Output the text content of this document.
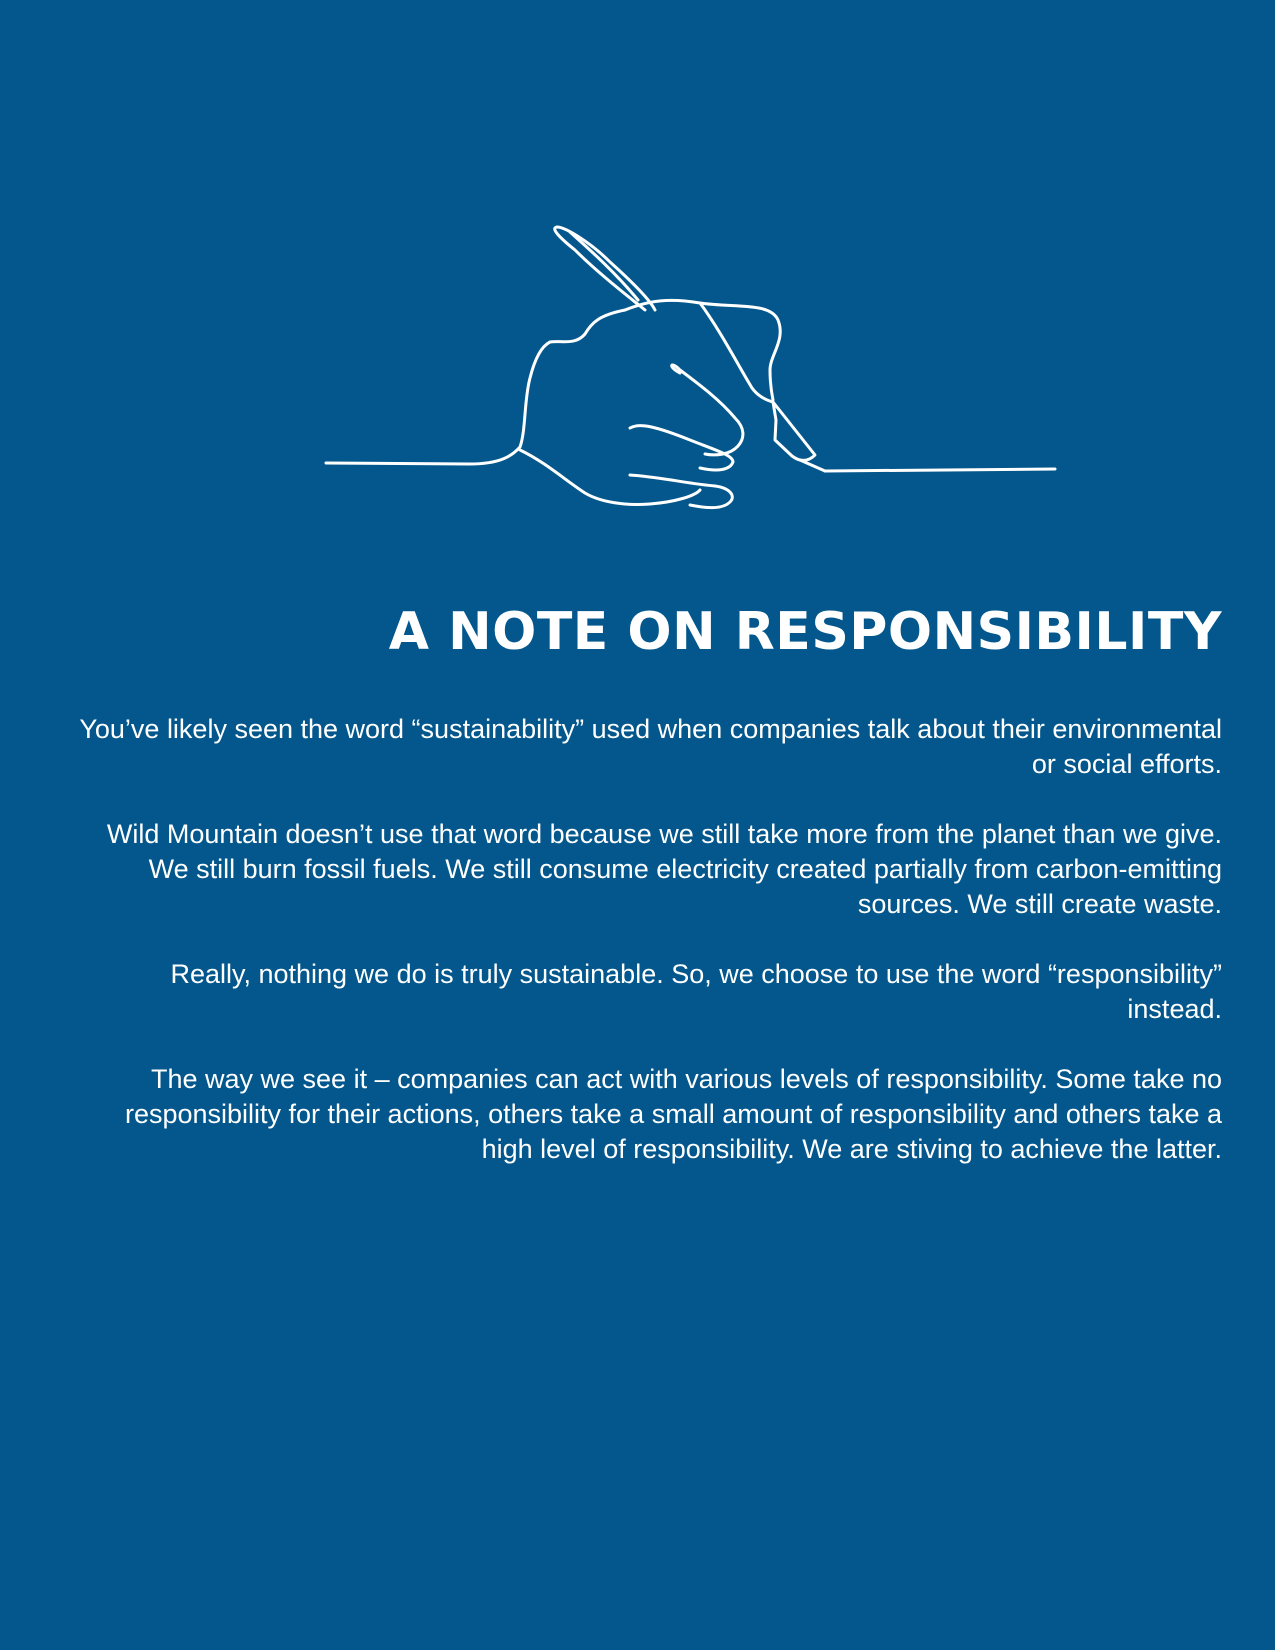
A NOTE ON RESPONSIBILITY

You’ve likely seen the word “sustainability” used when companies talk about their environmental or social efforts.

Wild Mountain doesn’t use that word because we still take more from the planet than we give. We still burn fossil fuels. We still consume electricity created partially from carbon-emitting sources. We still create waste.

Really, nothing we do is truly sustainable. So, we choose to use the word “responsibility” instead.

The way we see it – companies can act with various levels of responsibility. Some take no responsibility for their actions, others take a small amount of responsibility and others take a high level of responsibility. We are stiving to achieve the latter.
